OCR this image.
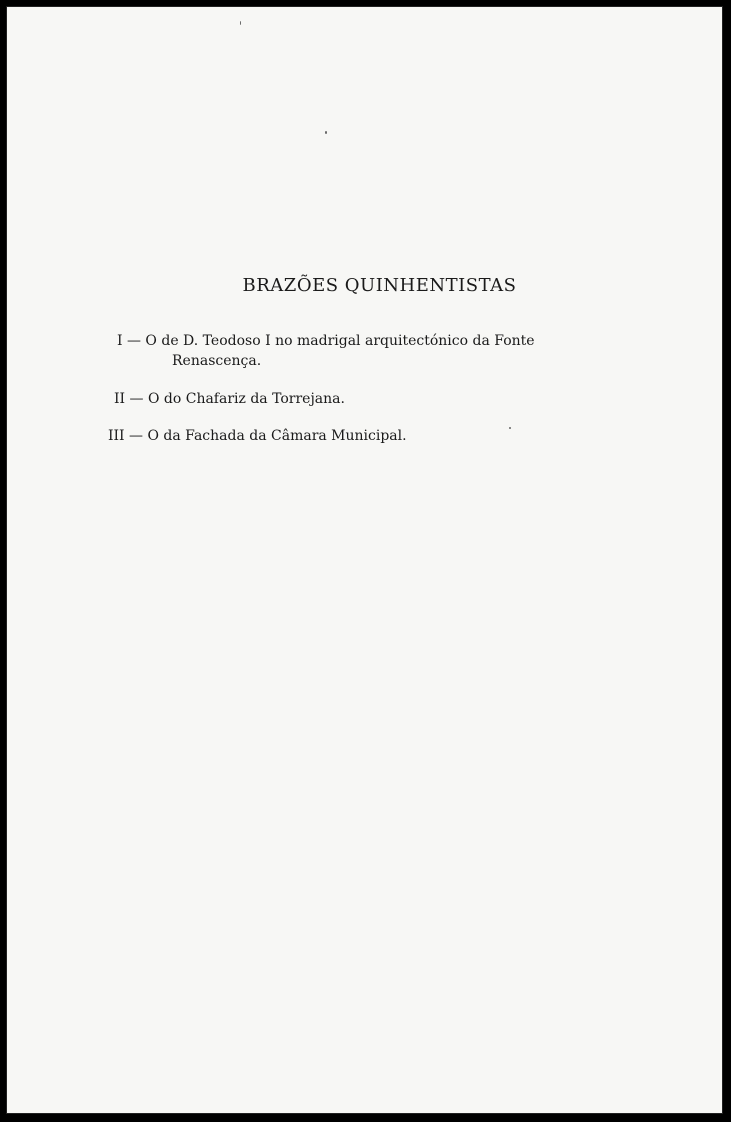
BRAZÕES QUINHENTISTAS
I — O de D. Teodoso I no madrigal arquitectónico da Fonte
Renascença.
II — O do Chafariz da Torrejana.
III — O da Fachada da Câmara Municipal.
